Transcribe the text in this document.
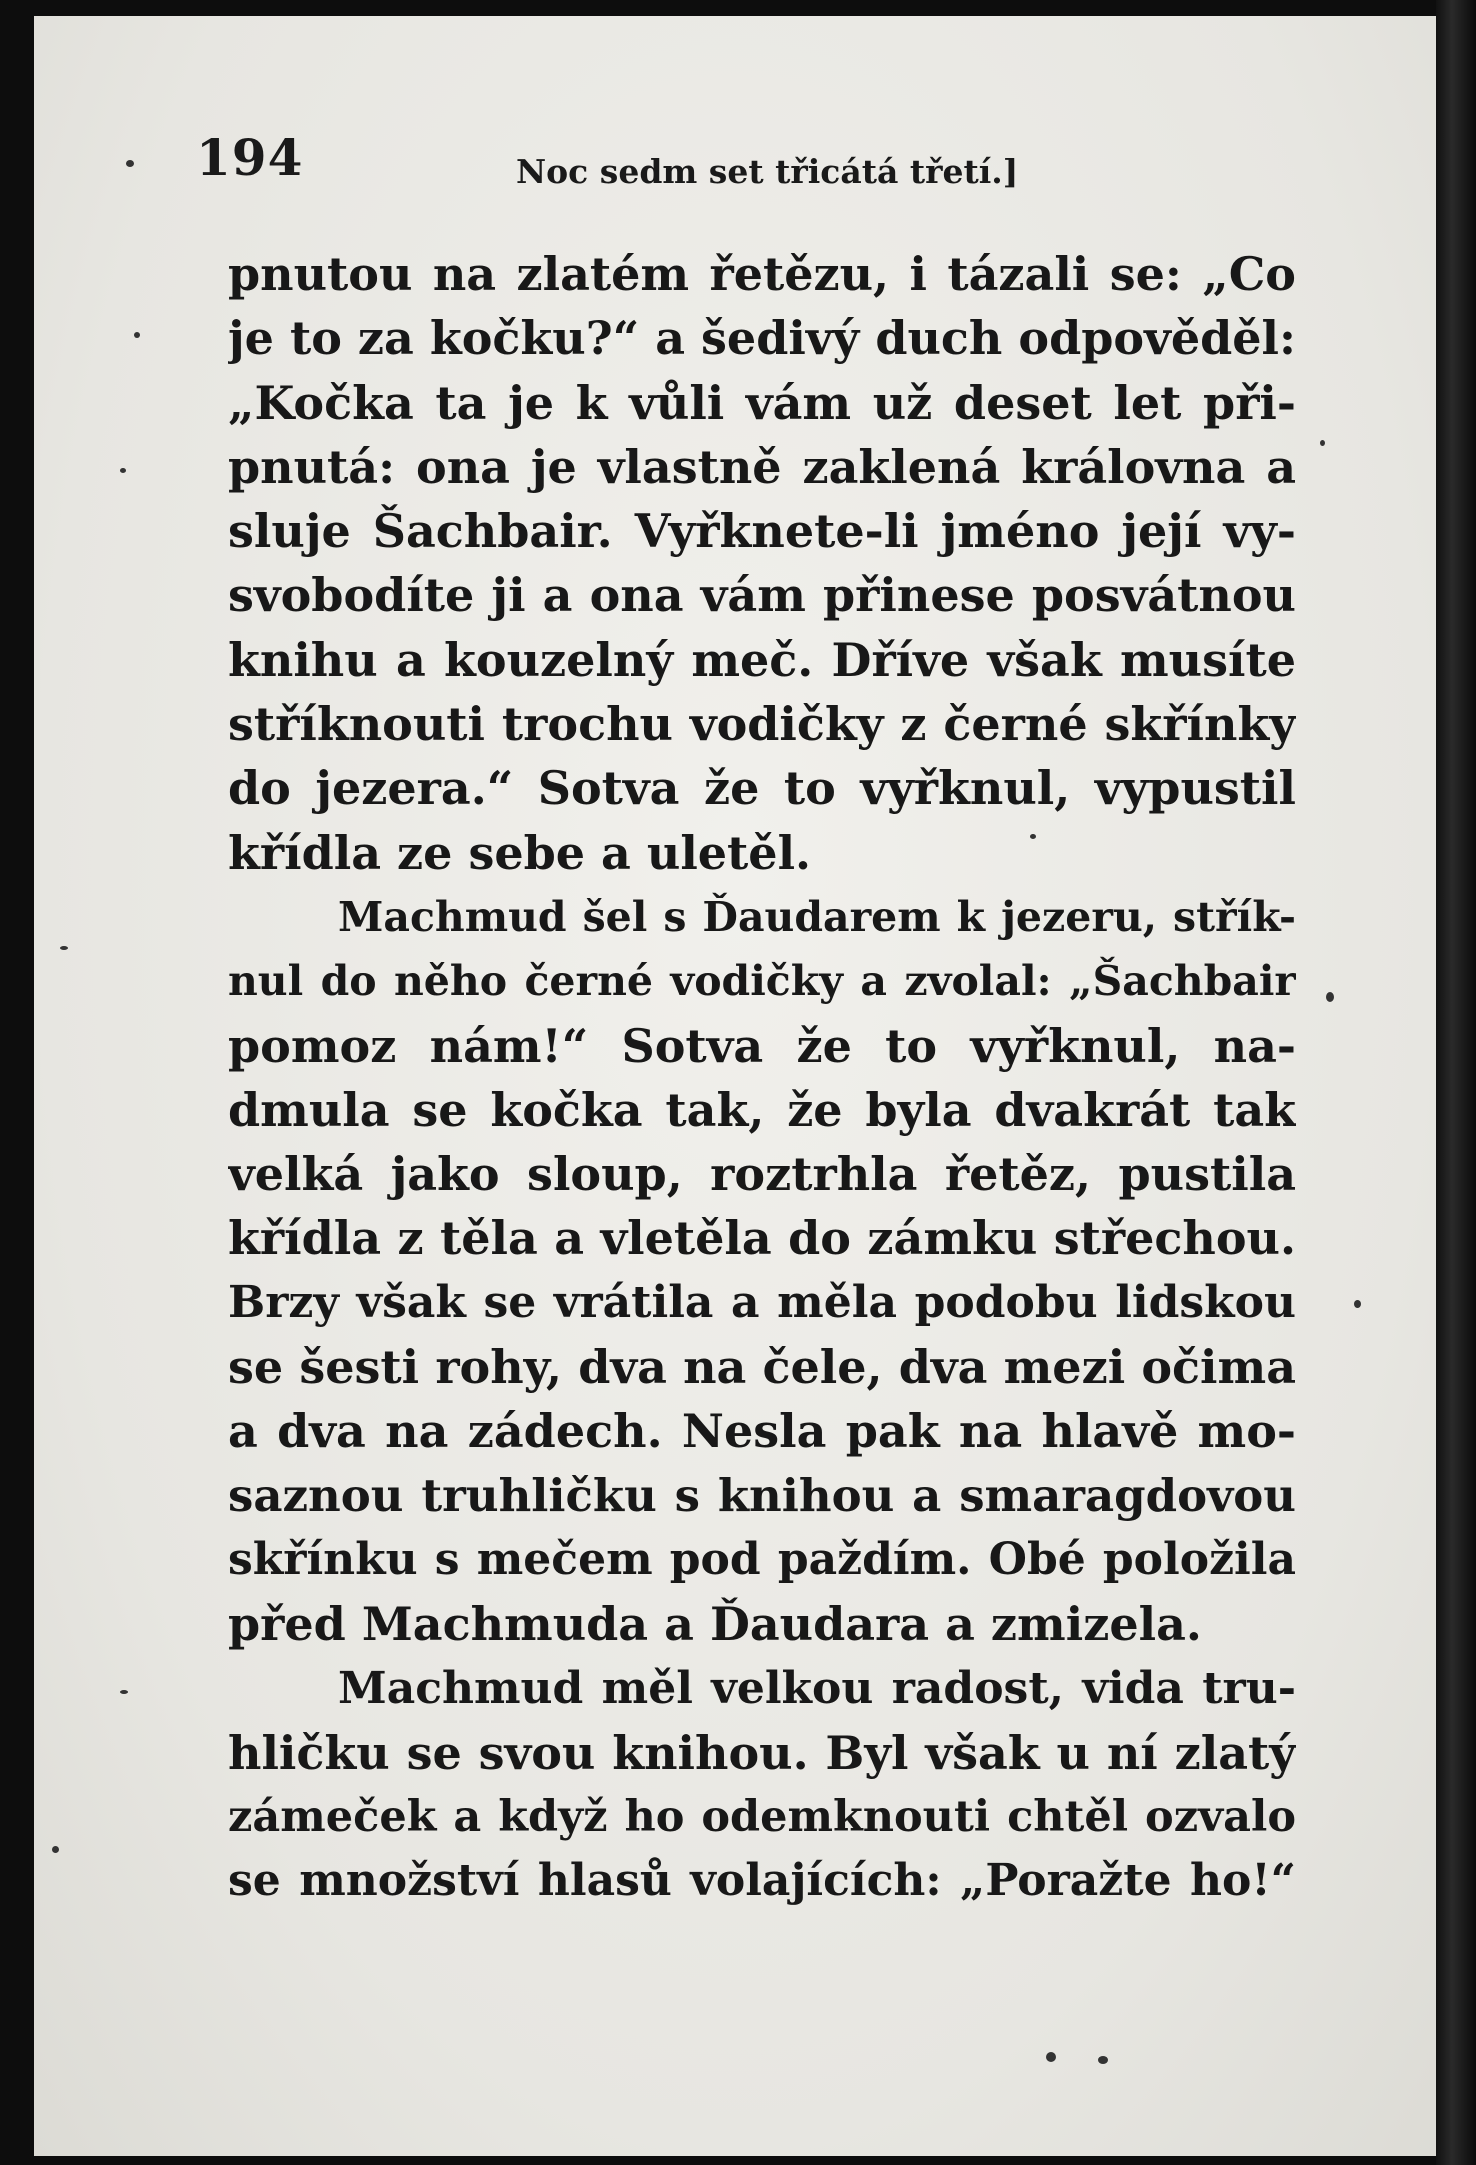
194	Noc sedm set třicátá třetí.]
pnutou na zlatém řetězu, i tázali se: „Co
je to za kočku?“ a šedivý duch odpověděl:
„Kočka ta je k vůli vám už deset let při-
pnutá: ona je vlastně zaklená královna a
sluje Šachbair. Vyřknete-li jméno její vy-
svobodíte ji a ona vám přinese posvátnou
knihu a kouzelný meč. Dříve však musíte
stříknouti trochu vodičky z černé skřínky
do jezera.“ Sotva že to vyřknul, vypustil
křídla ze sebe a uletěl.
Machmud šel s Ďaudarem k jezeru, střík-
nul do něho černé vodičky a zvolal: „Šachbair
pomoz nám!“ Sotva že to vyřknul, na-
dmula se kočka tak, že byla dvakrát tak
velká jako sloup, roztrhla řetěz, pustila
křídla z těla a vletěla do zámku střechou.
Brzy však se vrátila a měla podobu lidskou
se šesti rohy, dva na čele, dva mezi očima
a dva na zádech. Nesla pak na hlavě mo-
saznou truhličku s knihou a smaragdovou
skřínku s mečem pod paždím. Obé položila
před Machmuda a Ďaudara a zmizela.
Machmud měl velkou radost, vida tru-
hličku se svou knihou. Byl však u ní zlatý
zámeček a když ho odemknouti chtěl ozvalo
se množství hlasů volajících: „Poražte ho!“
